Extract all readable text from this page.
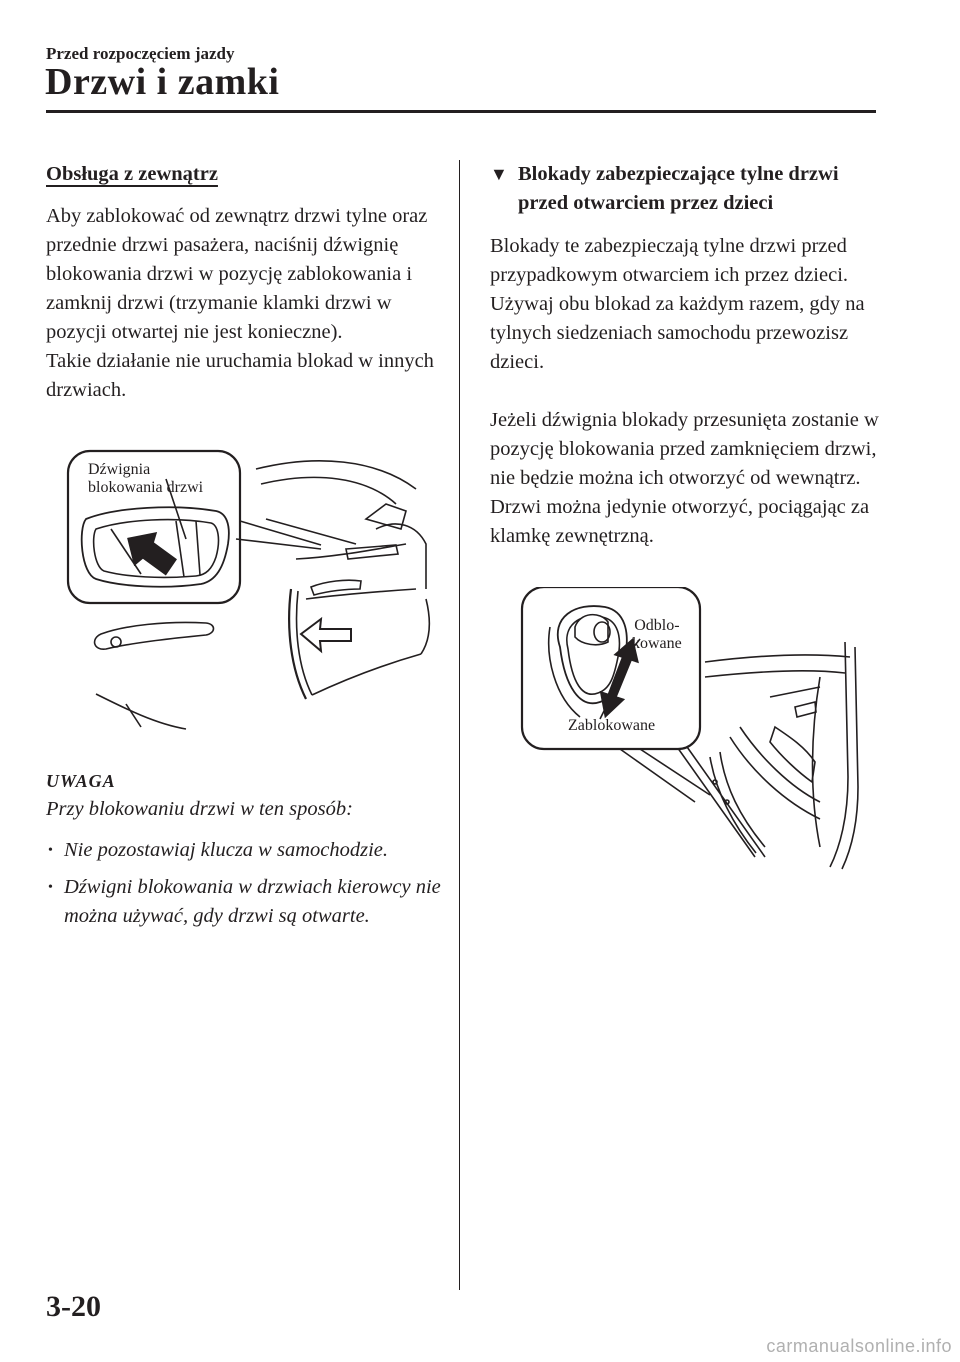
Przed rozpoczęciem jazdy
Drzwi i zamki
Obsługa z zewnątrz

Aby zablokować od zewnątrz drzwi tylne oraz przednie drzwi pasażera, naciśnij dźwignię blokowania drzwi w pozycję zablokowania i zamknij drzwi (trzymanie klamki drzwi w pozycji otwartej nie jest konieczne).

Takie działanie nie uruchamia blokad w innych drzwiach.

Dźwignia
blokowania drzwi
UWAGA

Przy blokowaniu drzwi w ten sposób:

• Nie pozostawiaj klucza w samochodzie.
• Dźwigni blokowania w drzwiach kierowcy nie można używać, gdy drzwi są otwarte.
▼ Blokady zabezpieczające tylne drzwi przed otwarciem przez dzieci

Blokady te zabezpieczają tylne drzwi przed przypadkowym otwarciem ich przez dzieci. Używaj obu blokad za każdym razem, gdy na tylnych siedzeniach samochodu przewozisz dzieci.

Jeżeli dźwignia blokady przesunięta zostanie w pozycję blokowania przed zamknięciem drzwi, nie będzie można ich otworzyć od wewnątrz. Drzwi można jedynie otworzyć, pociągając za klamkę zewnętrzną.

Odblo-
kowane
Zablokowane
3-20
carmanualsonline.info
